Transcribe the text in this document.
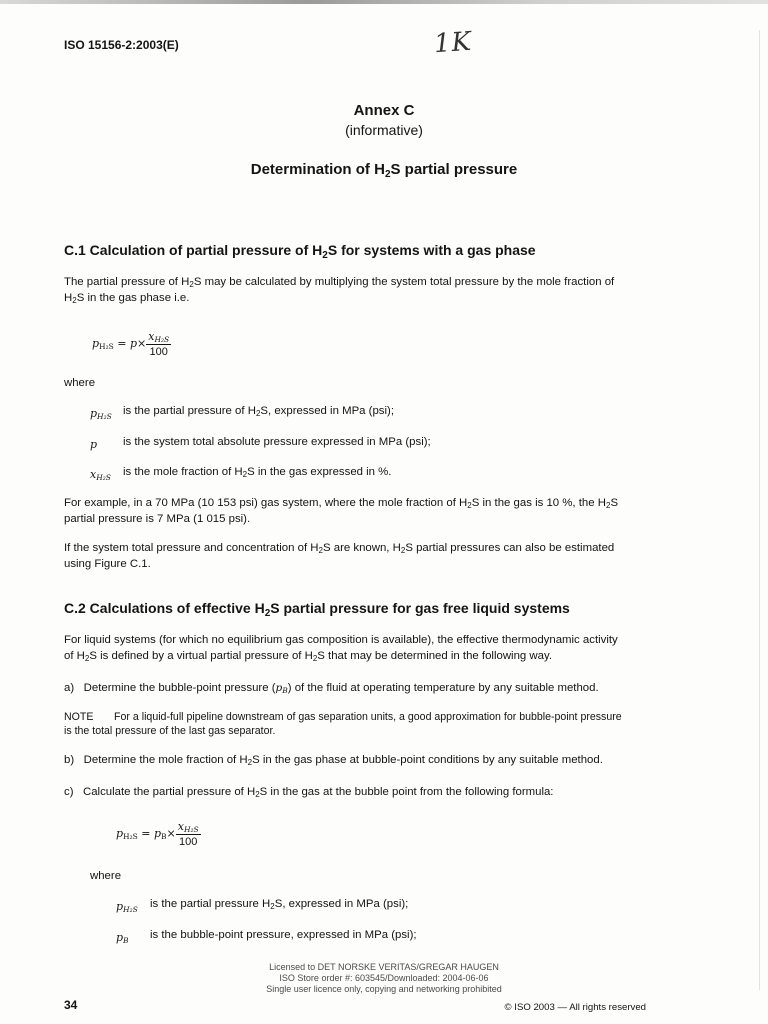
ISO 15156-2:2003(E)	1K
Annex C
(informative)
Determination of $H_2S$ partial pressure
C.1 Calculation of partial pressure of $H_2S$ for systems with a gas phase
The partial pressure of $H_2S$ may be calculated by multiplying the system total pressure by the mole fraction of
$H_2S$ in the gas phase i.e.
$p_{H_2S} = p\times \frac{x_{H_2S}}{100}$
where
$p_{H_2S}$ is the partial pressure of $H_2S$, expressed in MPa (psi);
p is the system total absolute pressure expressed in MPa (psi);
$x_{H_2S}$ is the mole fraction of $H_2S$ in the gas expressed in %.
For example, in a 70 MPa (10 153 psi) gas system, where the mole fraction of $H_2S$ in the gas is 10 %, the $H_2S$
partial pressure is 7 MPa (1 015 psi).
If the system total pressure and concentration of $H_2S$ are known, $H_2S$ partial pressures can also be estimated
using Figure C.1.
C.2 Calculations of effective $H_2S$ partial pressure for gas free liquid systems
For liquid systems (for which no equilibrium gas composition is available), the effective thermodynamic activity
of $H_2S$ is defined by a virtual partial pressure of $H_2S$ that may be determined in the following way.
a) Determine the bubble-point pressure $(p_B)$ of the fluid at operating temperature by any suitable method.
NOTE For a liquid-full pipeline downstream of gas separation units, a good approximation for bubble-point pressure
is the total pressure of the last gas separator.
b) Determine the mole fraction of $H_2S$ in the gas phase at bubble-point conditions by any suitable method.
c) Calculate the partial pressure of $H_2S$ in the gas at the bubble point from the following formula:
$p_{H_2S} = p_B\times \frac{x_{H_2S}}{100}$
where
$p_{H_2S}$ is the partial pressure $H_2S$, expressed in MPa (psi);
$p_B$ is the bubble-point pressure, expressed in MPa (psi);
Licensed to DET NORSKE VERITAS/GREGAR HAUGEN
ISO Store order #: 603545/Downloaded: 2004-06-06
Single user licence only, copying and networking prohibited
34	© ISO 2003 — All rights reserved
